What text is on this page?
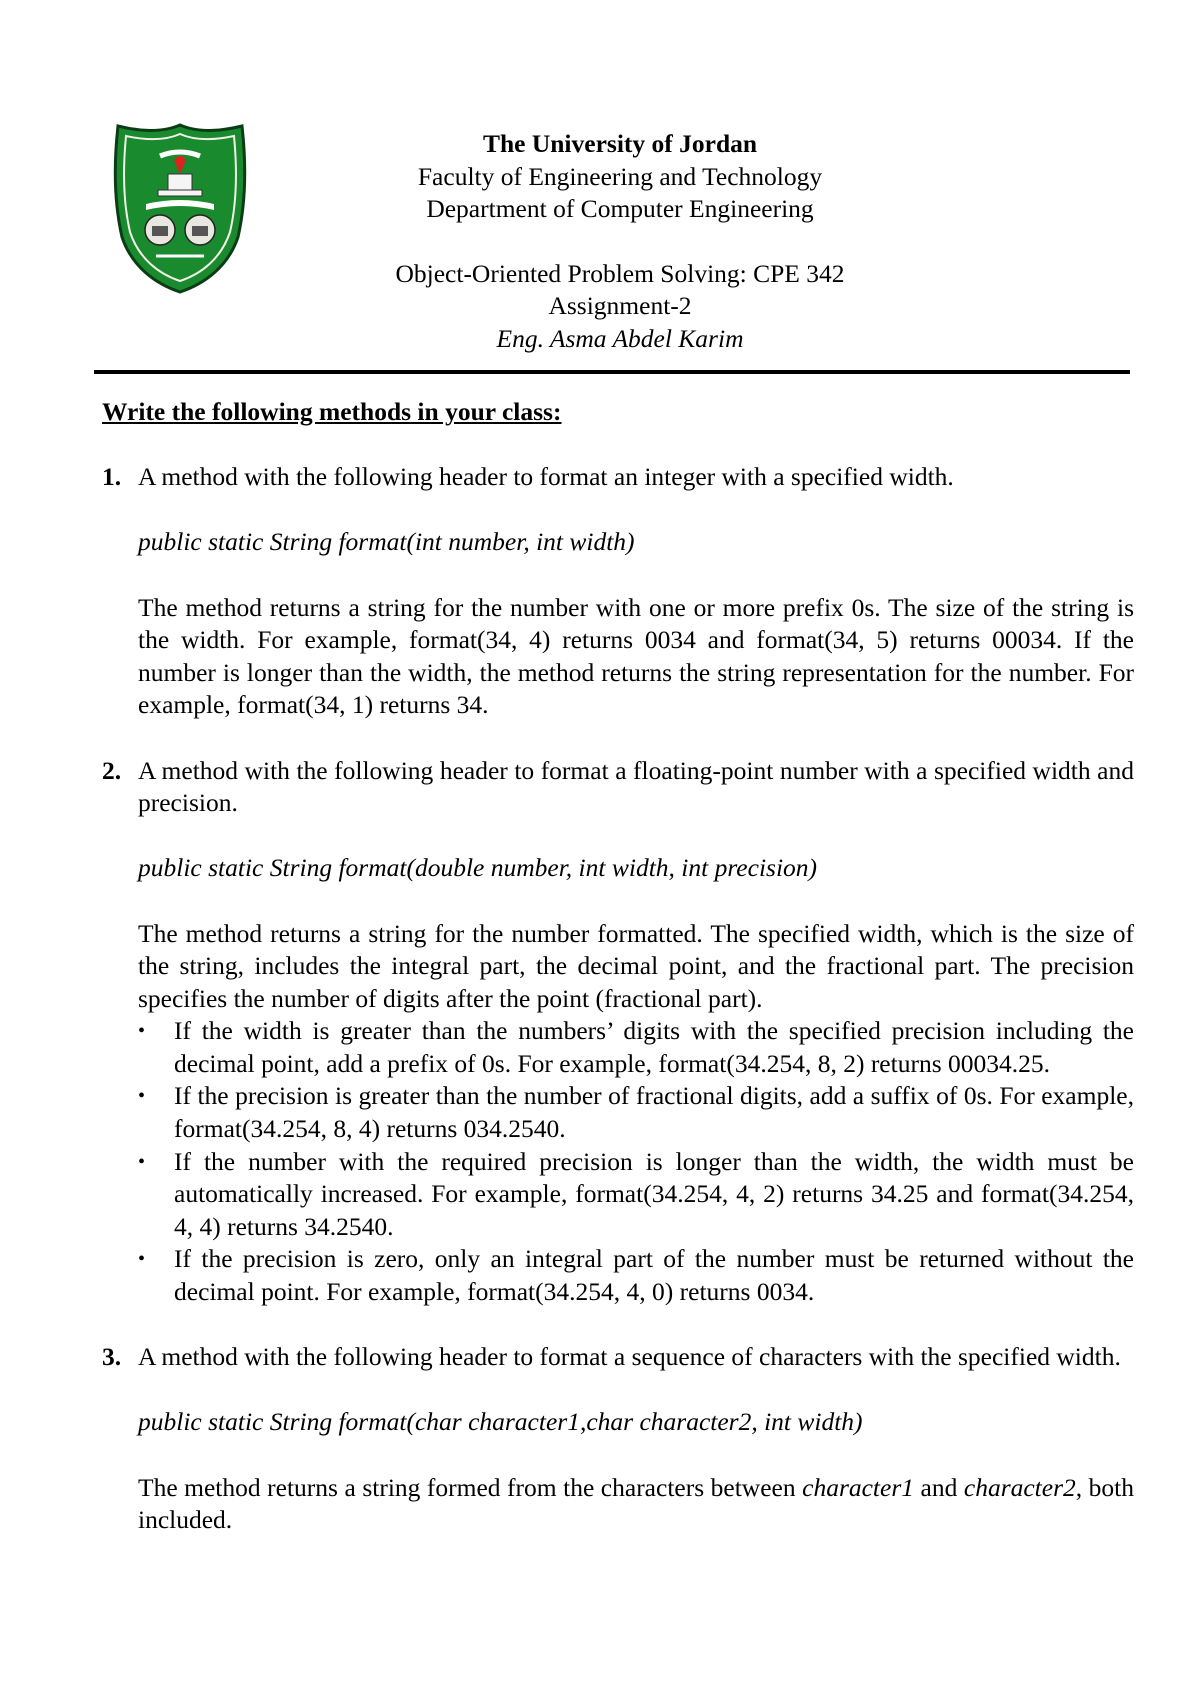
The University of Jordan
Faculty of Engineering and Technology
Department of Computer Engineering
Object-Oriented Problem Solving: CPE 342
Assignment-2
Eng. Asma Abdel Karim
Write the following methods in your class:
1. A method with the following header to format an integer with a specified width.
public static String format(int number, int width)
The method returns a string for the number with one or more prefix 0s. The size of the string is the width. For example, format(34, 4) returns 0034 and format(34, 5) returns 00034. If the number is longer than the width, the method returns the string representation for the number. For example, format(34, 1) returns 34.
2. A method with the following header to format a floating-point number with a specified width and precision.
public static String format(double number, int width, int precision)
The method returns a string for the number formatted. The specified width, which is the size of the string, includes the integral part, the decimal point, and the fractional part. The precision specifies the number of digits after the point (fractional part).
•	If the width is greater than the numbers’ digits with the specified precision including the decimal point, add a prefix of 0s. For example, format(34.254, 8, 2) returns 00034.25.
•	If the precision is greater than the number of fractional digits, add a suffix of 0s. For example, format(34.254, 8, 4) returns 034.2540.
•	If the number with the required precision is longer than the width, the width must be automatically increased. For example, format(34.254, 4, 2) returns 34.25 and format(34.254, 4, 4) returns 34.2540.
•	If the precision is zero, only an integral part of the number must be returned without the decimal point. For example, format(34.254, 4, 0) returns 0034.
3. A method with the following header to format a sequence of characters with the specified width.
public static String format(char character1,char character2, int width)
The method returns a string formed from the characters between character1 and character2, both included.
